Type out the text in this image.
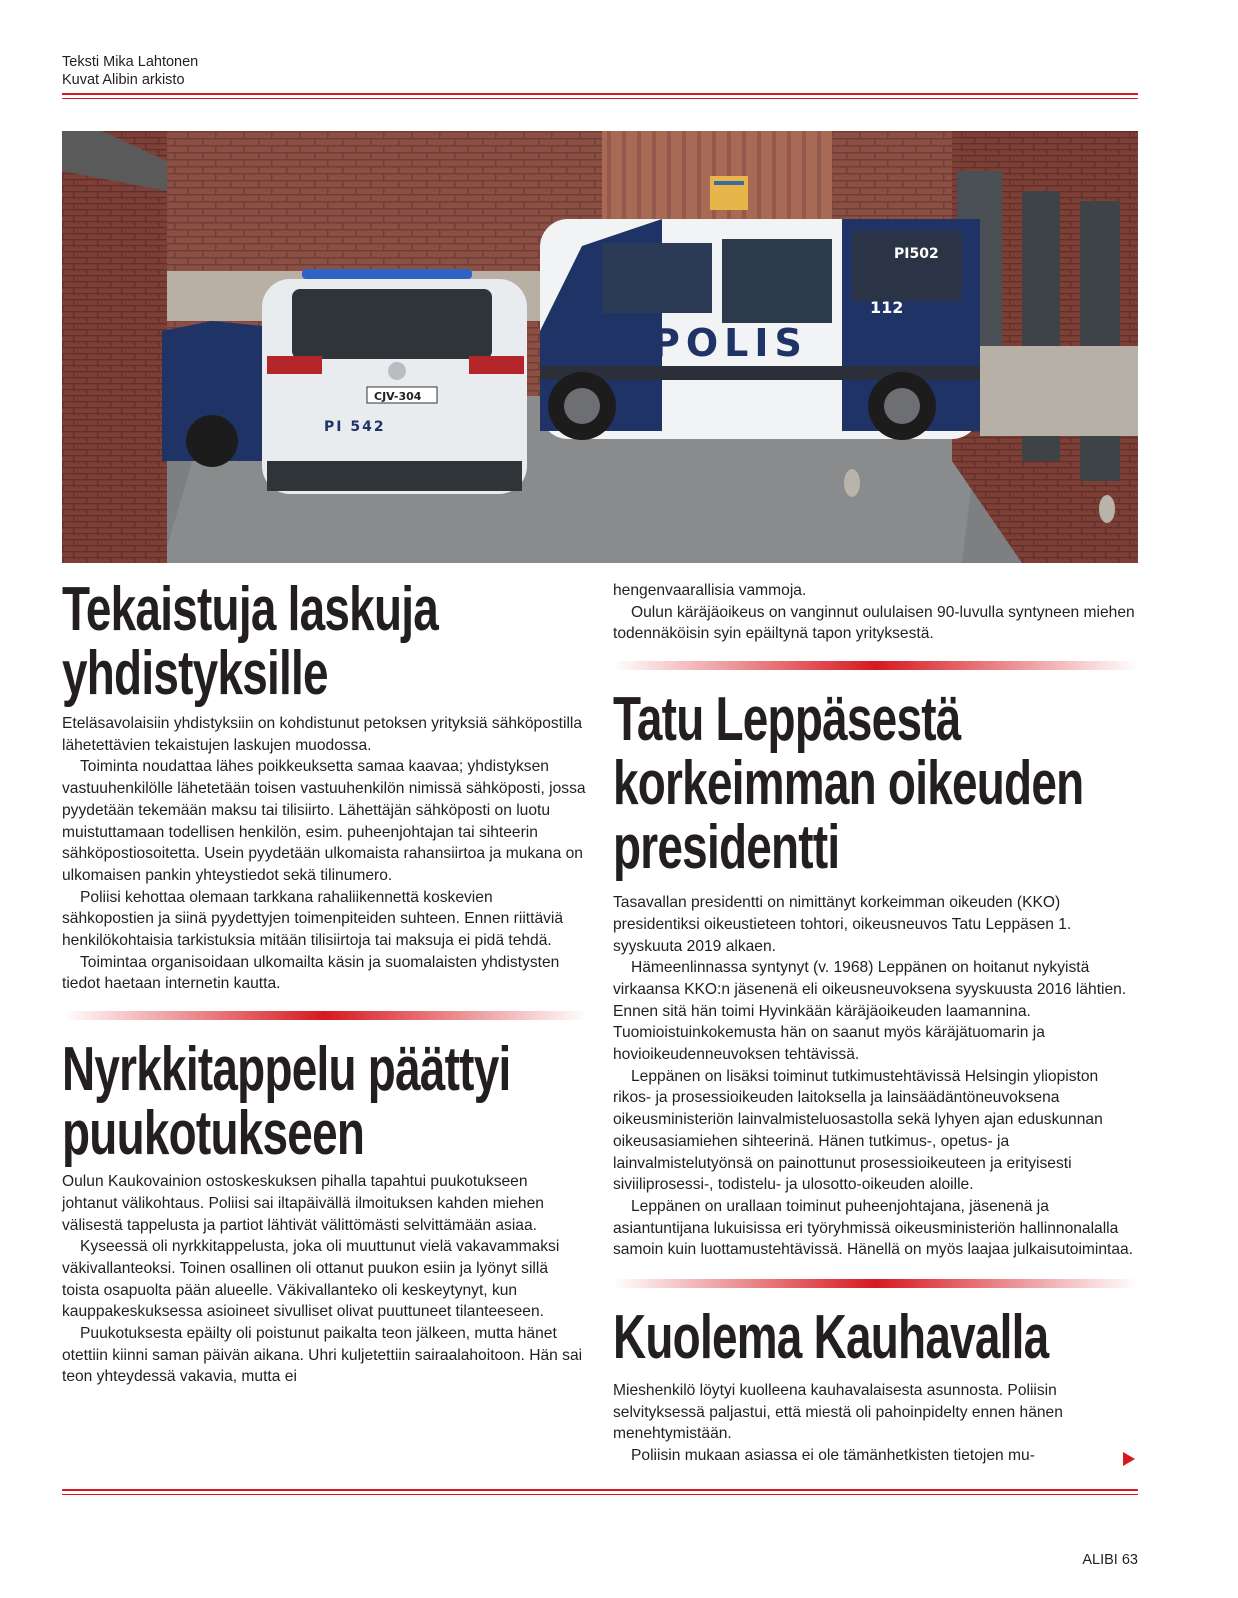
Teksti Mika Lahtonen
Kuvat Alibin arkisto
POLIS
PI502
112
CJV-304
PI 542
Tekaistuja laskuja
yhdistyksille

Eteläsavolaisiin yhdistyksiin on kohdistunut petoksen yrityksiä sähköpostilla lähetettävien tekaistujen laskujen muodossa.

Toiminta noudattaa lähes poikkeuksetta samaa kaavaa; yhdistyksen vastuuhenkilölle lähetetään toisen vastuuhenkilön nimissä sähköposti, jossa pyydetään tekemään maksu tai tilisiirto. Lähettäjän sähköposti on luotu muistuttamaan todellisen henkilön, esim. puheenjohtajan tai sihteerin sähköpostiosoitetta. Usein pyydetään ulkomaista rahansiirtoa ja mukana on ulkomaisen pankin yhteystiedot sekä tilinumero.

Poliisi kehottaa olemaan tarkkana rahaliikennettä koskevien sähkopostien ja siinä pyydettyjen toimenpiteiden suhteen. Ennen riittäviä henkilökohtaisia tarkistuksia mitään tilisiirtoja tai maksuja ei pidä tehdä.

Toimintaa organisoidaan ulkomailta käsin ja suomalaisten yhdistysten tiedot haetaan internetin kautta.

Nyrkkitappelu päättyi
puukotukseen

Oulun Kaukovainion ostoskeskuksen pihalla tapahtui puukotukseen johtanut välikohtaus. Poliisi sai iltapäivällä ilmoituksen kahden miehen välisestä tappelusta ja partiot lähtivät välittömästi selvittämään asiaa.

Kyseessä oli nyrkkitappelusta, joka oli muuttunut vielä vakavammaksi väkivallanteoksi. Toinen osallinen oli ottanut puukon esiin ja lyönyt sillä toista osapuolta pään alueelle. Väkivallanteko oli keskeytynyt, kun kauppakeskuksessa asioineet sivulliset olivat puuttuneet tilanteeseen.

Puukotuksesta epäilty oli poistunut paikalta teon jälkeen, mutta hänet otettiin kiinni saman päivän aikana. Uhri kuljetettiin sairaalahoitoon. Hän sai teon yhteydessä vakavia, mutta ei

hengenvaarallisia vammoja.

Oulun käräjäoikeus on vanginnut oululaisen 90-luvulla syntyneen miehen todennäköisin syin epäiltynä tapon yrityksestä.

Tatu Leppäsestä
korkeimman oikeuden
presidentti

Tasavallan presidentti on nimittänyt korkeimman oikeuden (KKO) presidentiksi oikeustieteen tohtori, oikeusneuvos Tatu Leppäsen 1. syyskuuta 2019 alkaen.

Hämeenlinnassa syntynyt (v. 1968) Leppänen on hoitanut nykyistä virkaansa KKO:n jäsenenä eli oikeusneuvoksena syyskuusta 2016 lähtien. Ennen sitä hän toimi Hyvinkään käräjäoikeuden laamannina. Tuomioistuinkokemusta hän on saanut myös käräjätuomarin ja hovioikeudenneuvoksen tehtävissä.

Leppänen on lisäksi toiminut tutkimustehtävissä Helsingin yliopiston rikos- ja prosessioikeuden laitoksella ja lainsäädäntöneuvoksena oikeusministeriön lainvalmisteluosastolla sekä lyhyen ajan eduskunnan oikeusasiamiehen sihteerinä. Hänen tutkimus-, opetus- ja lainvalmistelutyönsä on painottunut prosessioikeuteen ja erityisesti siviiliprosessi-, todistelu- ja ulosotto-oikeuden aloille.

Leppänen on urallaan toiminut puheenjohtajana, jäsenenä ja asiantuntijana lukuisissa eri työryhmissä oikeusministeriön hallinnonalalla samoin kuin luottamustehtävissä. Hänellä on myös laajaa julkaisutoimintaa.

Kuolema Kauhavalla

Mieshenkilö löytyi kuolleena kauhavalaisesta asunnosta. Poliisin selvityksessä paljastui, että miestä oli pahoinpidelty ennen hänen menehtymistään.

Poliisin mukaan asiassa ei ole tämänhetkisten tietojen mu-

ALIBI 63
